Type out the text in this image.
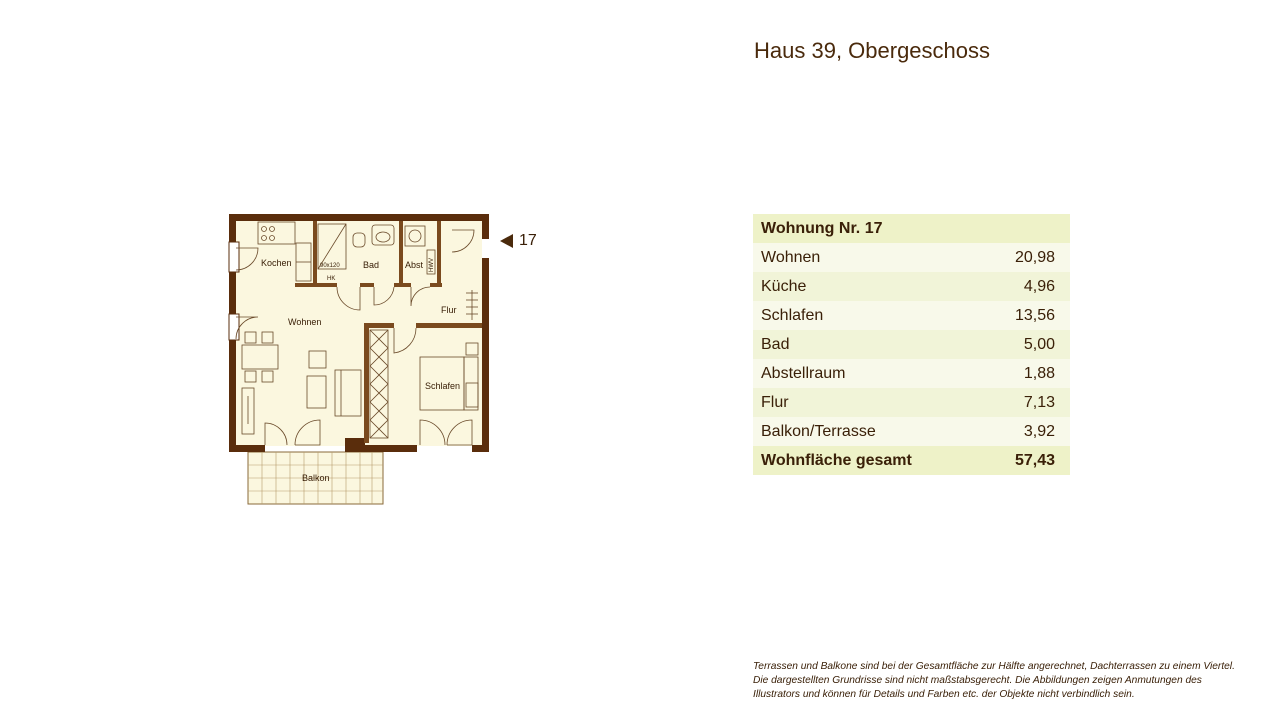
Haus 39, Obergeschoss
Kochen	Bad	Abst
Flur
Wohnen
Schlafen
Balkon
90x120
HK
HWV
17
Wohnung Nr. 17	
Wohnen	20,98
Küche	4,96
Schlafen	13,56
Bad	5,00
Abstellraum	1,88
Flur	7,13
Balkon/Terrasse	3,92
Wohnfläche gesamt	57,43
Terrassen und Balkone sind bei der Gesamtfläche zur Hälfte angerechnet, Dachterrassen zu einem Viertel.
Die dargestellten Grundrisse sind nicht maßstabsgerecht. Die Abbildungen zeigen Anmutungen des
Illustrators und können für Details und Farben etc. der Objekte nicht verbindlich sein.
